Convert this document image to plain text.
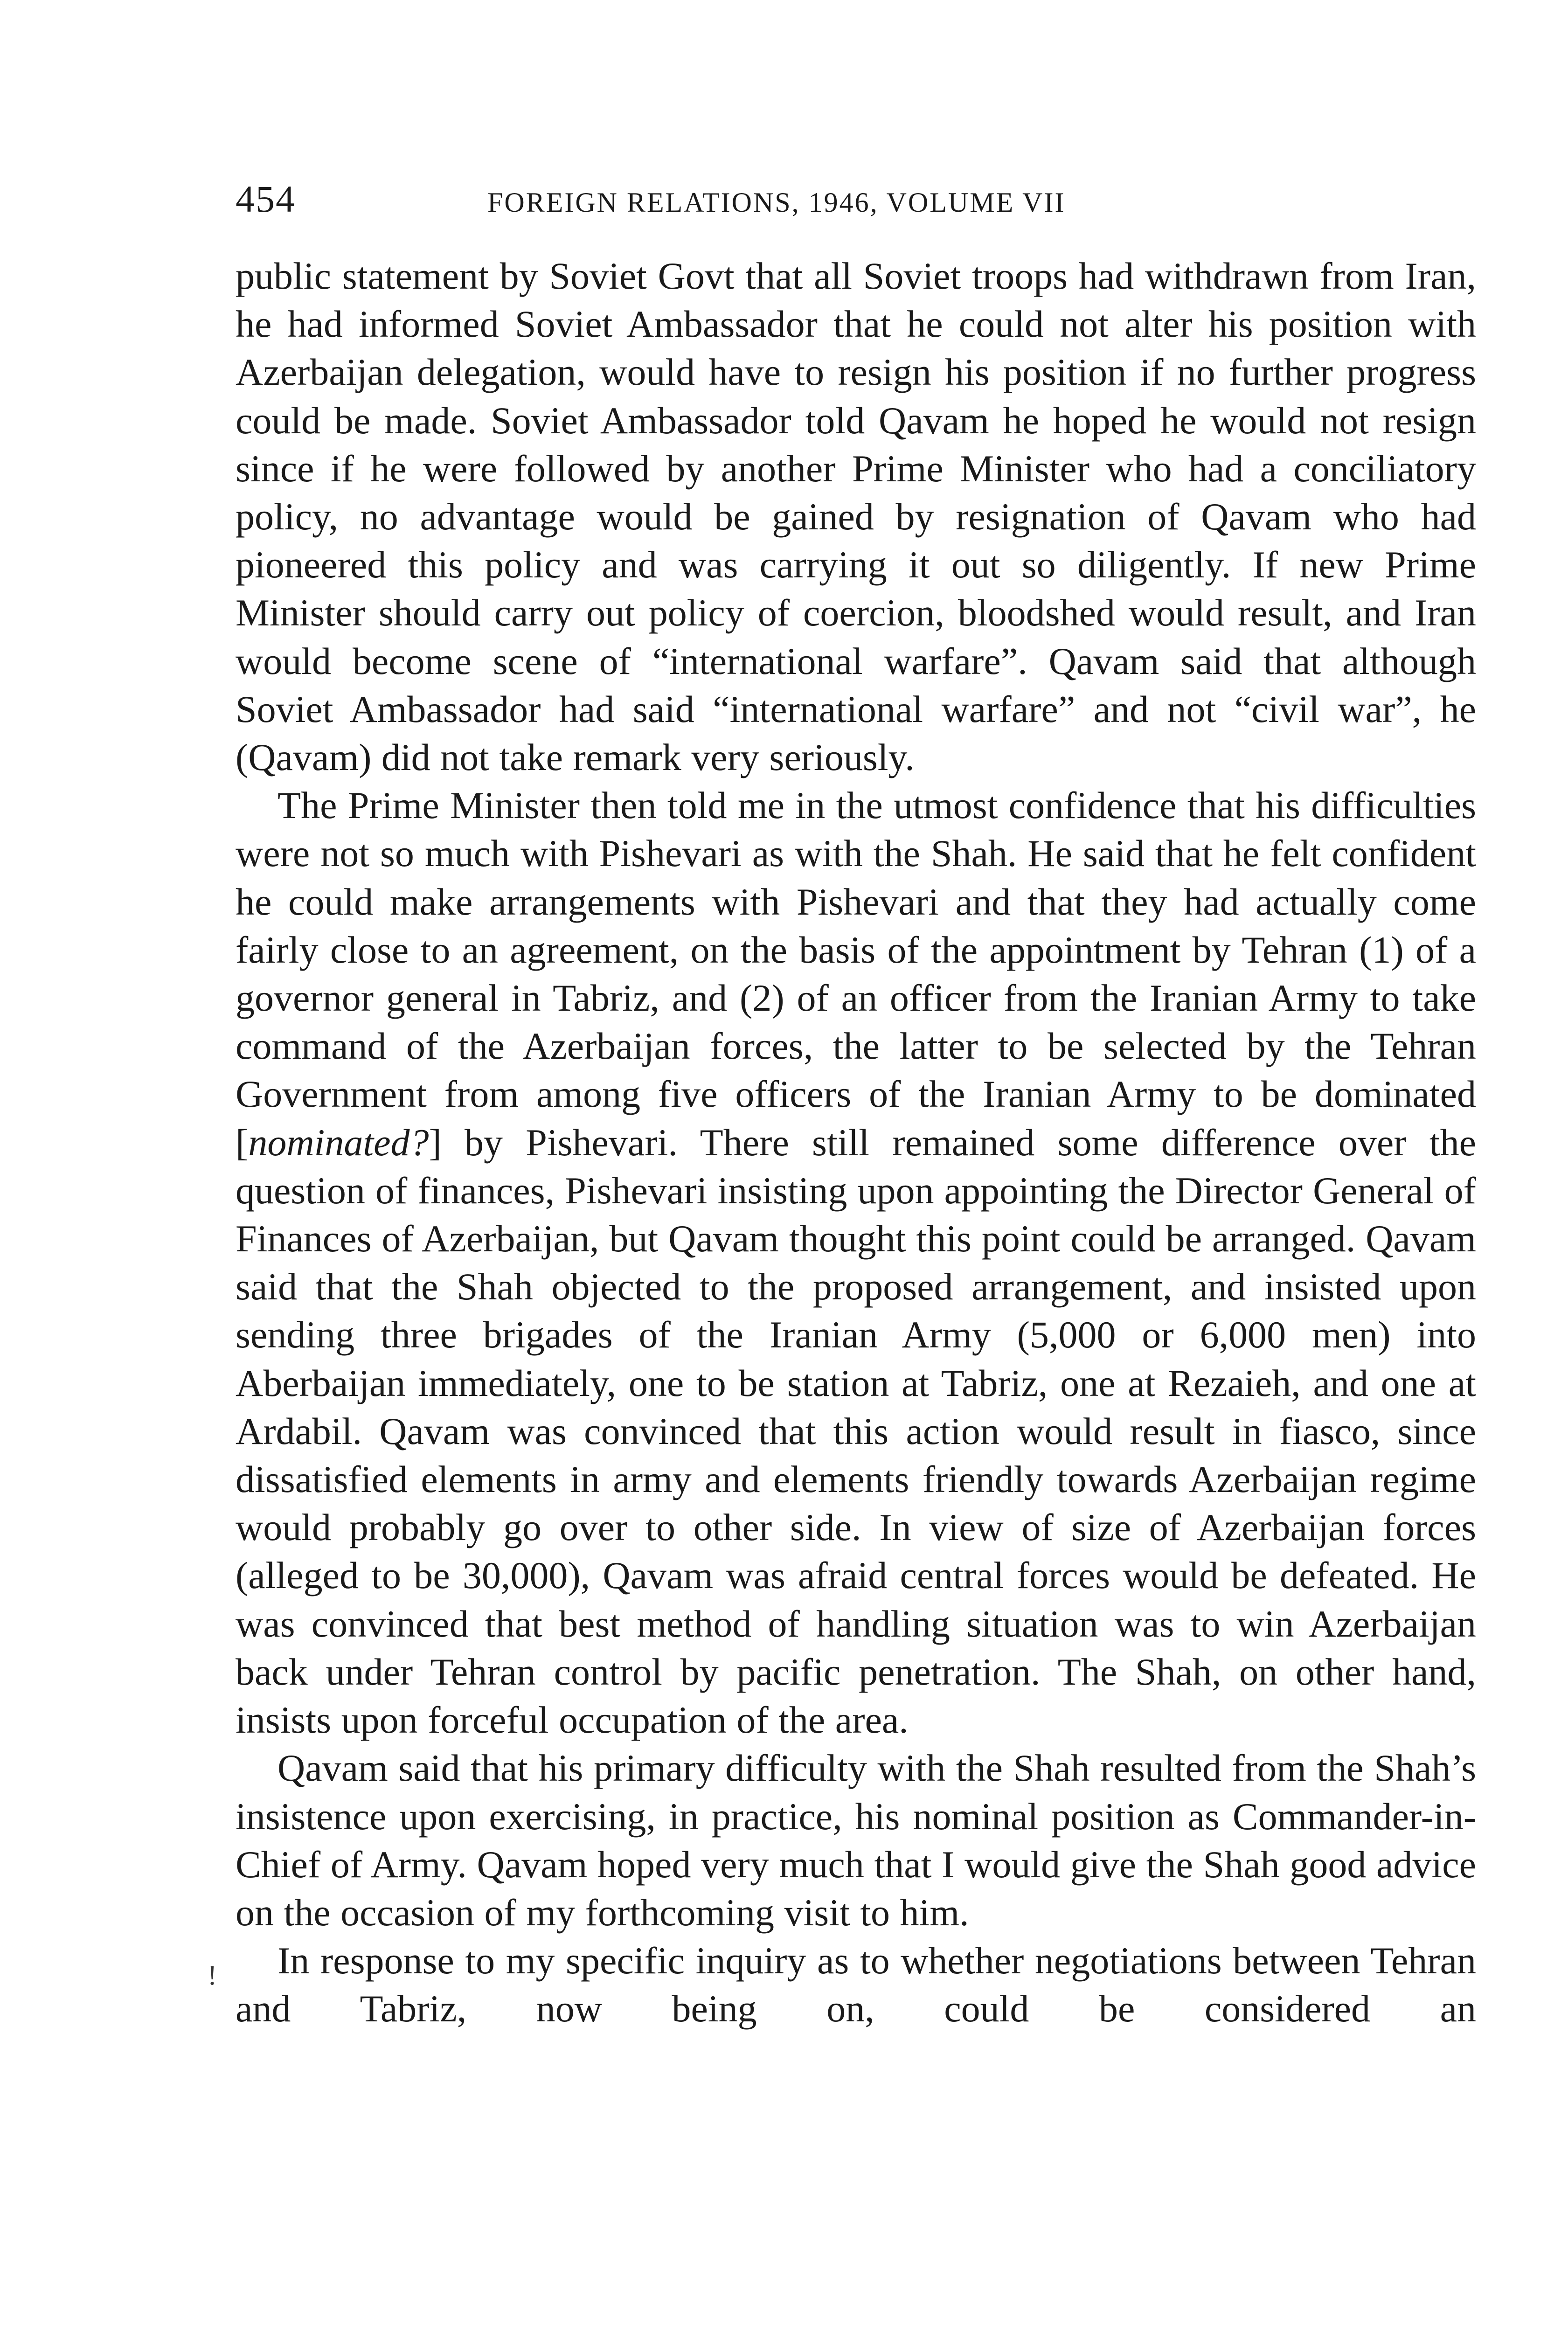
454	FOREIGN RELATIONS, 1946, VOLUME VII
!

public statement by Soviet Govt that all Soviet troops had withdrawn from Iran, he had informed Soviet Ambassador that he could not alter his position with Azerbaijan delegation, would have to resign his position if no further progress could be made. Soviet Ambassador told Qavam he hoped he would not resign since if he were followed by another Prime Minister who had a conciliatory policy, no advantage would be gained by resignation of Qavam who had pioneered this policy and was carrying it out so diligently. If new Prime Minister should carry out policy of coercion, bloodshed would result, and Iran would become scene of “international warfare”. Qavam said that although Soviet Ambassador had said “international warfare” and not “civil war”, he (Qavam) did not take remark very seriously.

The Prime Minister then told me in the utmost confidence that his difficulties were not so much with Pishevari as with the Shah. He said that he felt confident he could make arrangements with Pishevari and that they had actually come fairly close to an agreement, on the basis of the appointment by Tehran (1) of a governor general in Tabriz, and (2) of an officer from the Iranian Army to take command of the Azerbaijan forces, the latter to be selected by the Tehran Government from among five officers of the Iranian Army to be dominated [nominated?] by Pishevari. There still remained some difference over the question of finances, Pishevari insisting upon appointing the Director General of Finances of Azerbaijan, but Qavam thought this point could be arranged. Qavam said that the Shah objected to the proposed arrangement, and insisted upon sending three brigades of the Iranian Army (5,000 or 6,000 men) into Aberbaijan immediately, one to be station at Tabriz, one at Rezaieh, and one at Ardabil. Qavam was convinced that this action would result in fiasco, since dissatisfied elements in army and elements friendly towards Azerbaijan regime would probably go over to other side. In view of size of Azerbaijan forces (alleged to be 30,000), Qavam was afraid central forces would be defeated. He was convinced that best method of handling situation was to win Azerbaijan back under Tehran control by pacific penetration. The Shah, on other hand, insists upon forceful occupation of the area.

Qavam said that his primary difficulty with the Shah resulted from the Shah’s insistence upon exercising, in practice, his nominal position as Commander-in-Chief of Army. Qavam hoped very much that I would give the Shah good advice on the occasion of my forthcoming visit to him.

In response to my specific inquiry as to whether negotiations between Tehran and Tabriz, now being on, could be considered an
